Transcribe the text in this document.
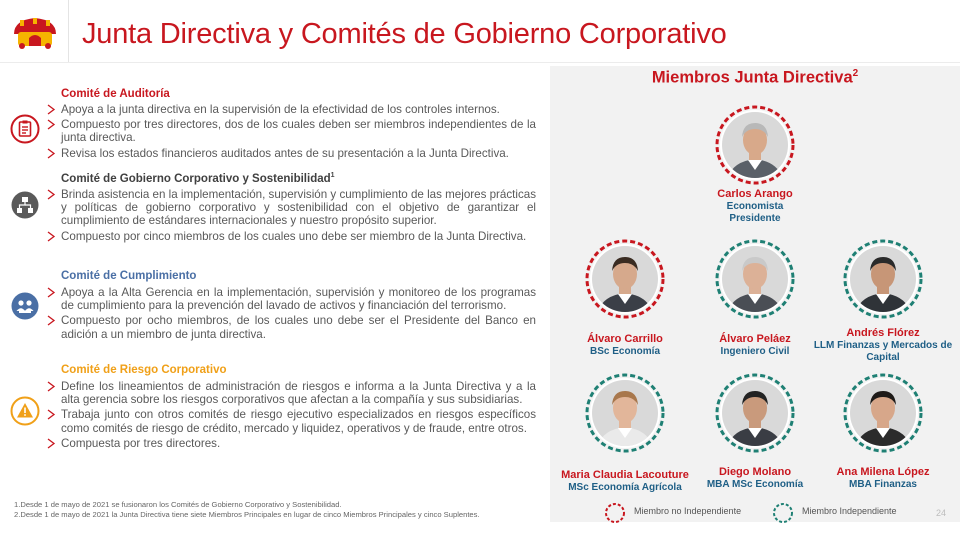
Junta Directiva y Comités de Gobierno Corporativo
Comité de Auditoría
Apoya a la junta directiva en la supervisión de la efectividad de los controles internos.
Compuesto por tres directores, dos de los cuales deben ser miembros independientes de la junta directiva.
Revisa los estados financieros auditados antes de su presentación a la Junta Directiva.
Comité de Gobierno Corporativo y Sostenibilidad$^1$
Brinda asistencia en la implementación, supervisión y cumplimiento de las mejores prácticas y políticas de gobierno corporativo y sostenibilidad con el objetivo de garantizar el cumplimiento de estándares internacionales y nuestro propósito superior.
Compuesto por cinco miembros de los cuales uno debe ser miembro de la Junta Directiva.
Comité de Cumplimiento
Apoya a la Alta Gerencia en la implementación, supervisión y monitoreo de los programas de cumplimiento para la prevención del lavado de activos y financiación del terrorismo.
Compuesto por ocho miembros, de los cuales uno debe ser el Presidente del Banco en adición a un miembro de junta directiva.
Comité de Riesgo Corporativo
Define los lineamientos de administración de riesgos e informa a la Junta Directiva y a la alta gerencia sobre los riesgos corporativos que afectan a la compañía y sus subsidiarias.
Trabaja junto con otros comités de riesgo ejecutivo especializados en riesgos específicos como comités de riesgo de crédito, mercado y liquidez, operativos y de fraude, entre otros.
Compuesta por tres directores.
1.Desde 1 de mayo de 2021 se fusionaron los Comités de Gobierno Corporativo y Sostenibilidad.
2.Desde 1 de mayo de 2021 la Junta Directiva tiene siete Miembros Principales en lugar de cinco Miembros Principales y cinco Suplentes.
Miembros Junta Directiva$^2$
Carlos Arango
Economista
Presidente
Álvaro Carrillo
BSc Economía
Álvaro Peláez
Ingeniero Civil
Andrés Flórez
LLM Finanzas y Mercados de
Capital
Maria Claudia Lacouture
MSc Economía Agrícola
Diego Molano
MBA MSc Economía
Ana Milena López
MBA Finanzas
Miembro no Independiente	Miembro Independiente	24
